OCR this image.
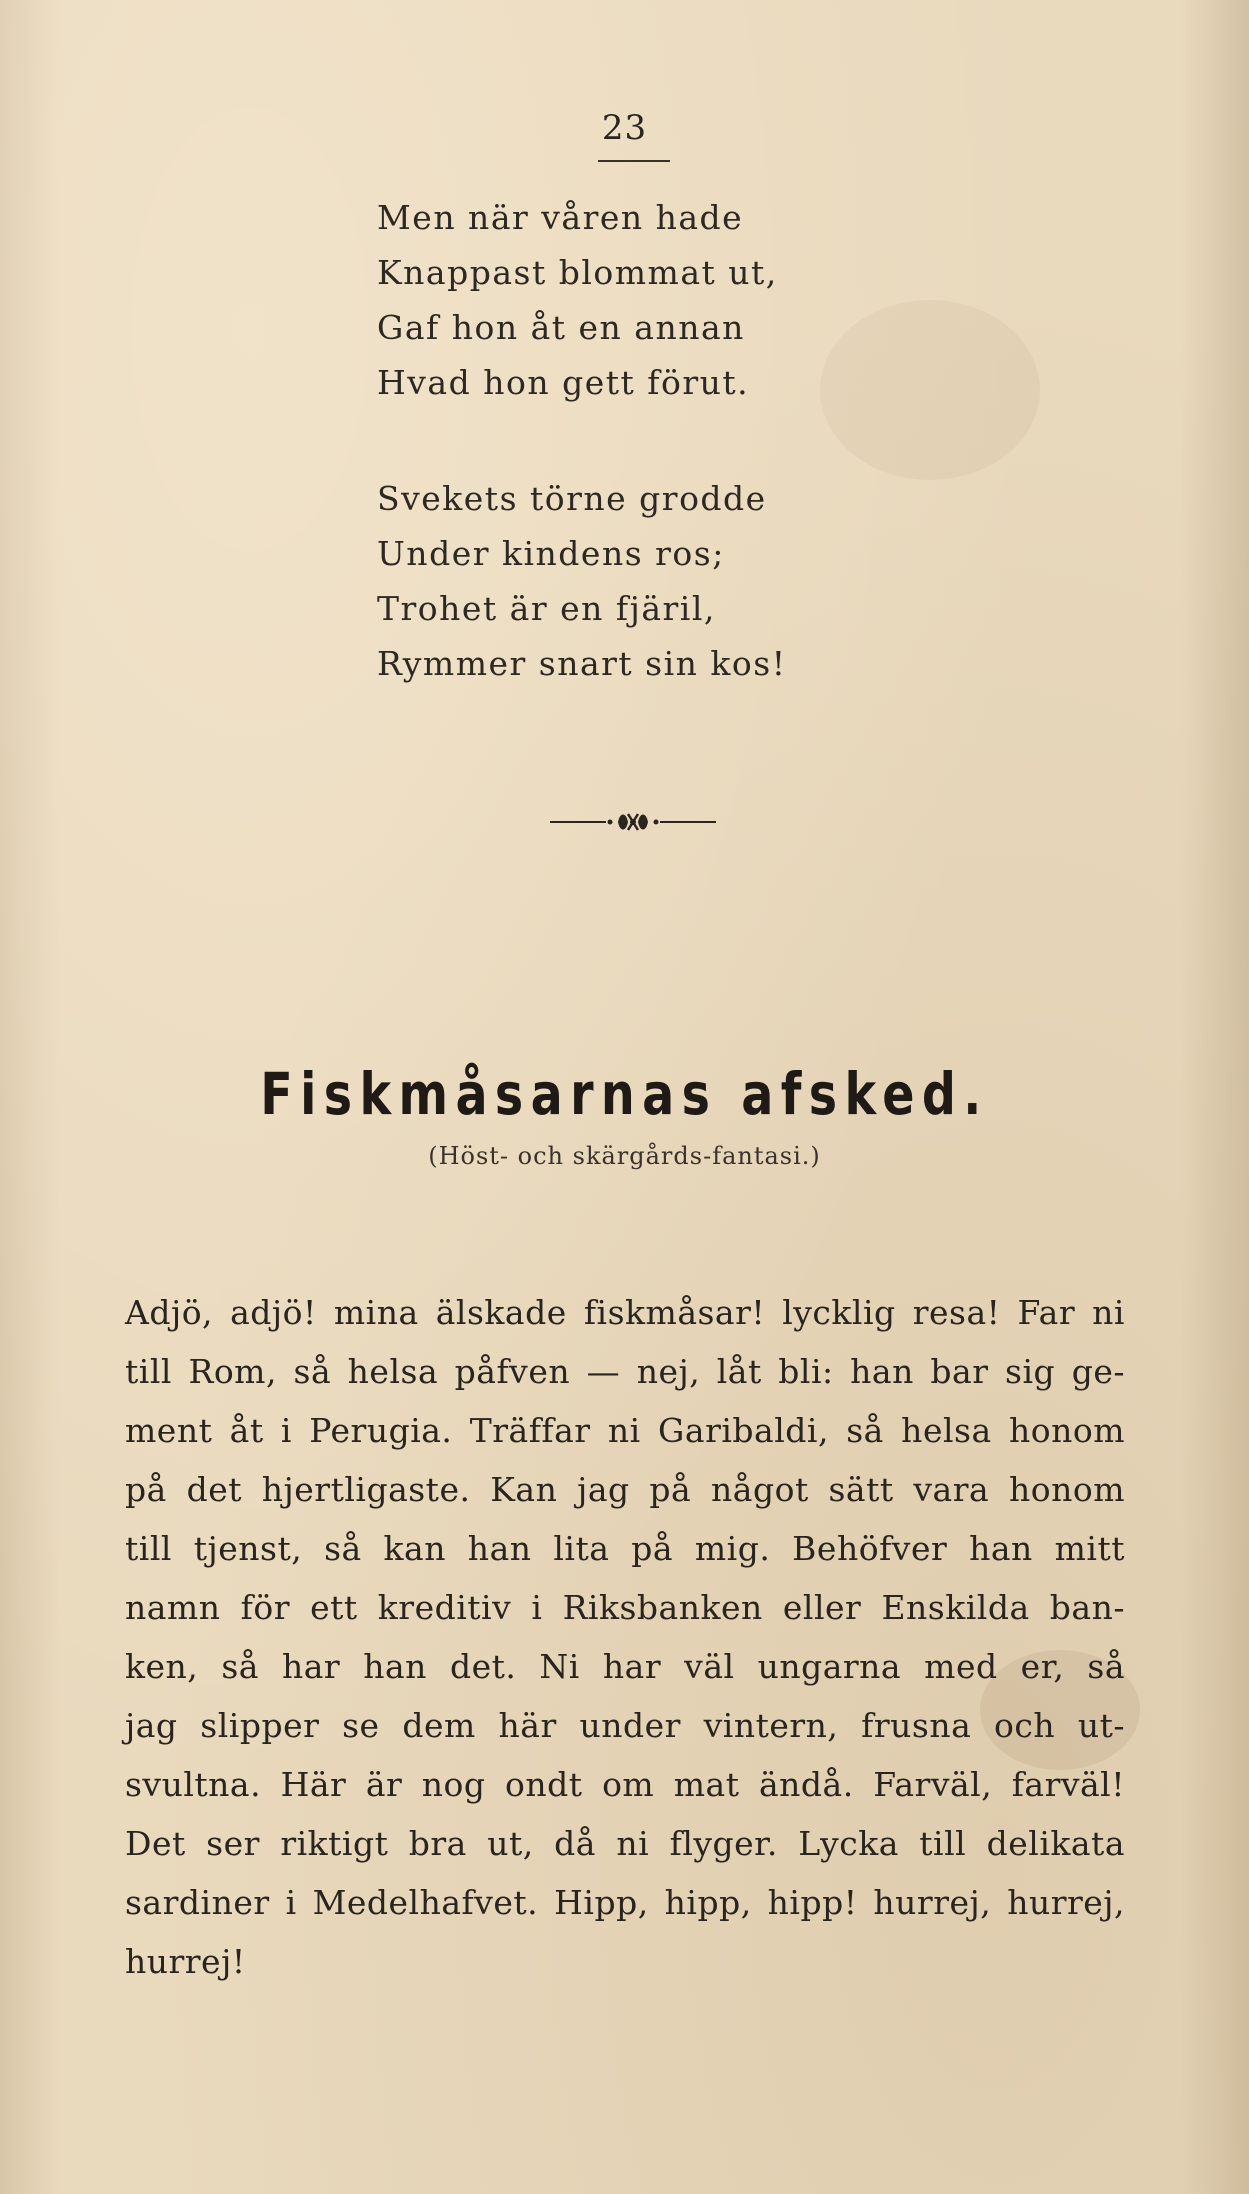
23
Men när våren hade
Knappast blommat ut,
Gaf hon åt en annan
Hvad hon gett förut.
Svekets törne grodde
Under kindens ros;
Trohet är en fjäril,
Rymmer snart sin kos!
Fiskmåsarnas afsked.
(Höst- och skärgårds-fantasi.)
Adjö, adjö! mina älskade fiskmåsar! lycklig resa! Far ni
till Rom, så helsa påfven — nej, låt bli: han bar sig ge-
ment åt i Perugia. Träffar ni Garibaldi, så helsa honom
på det hjertligaste. Kan jag på något sätt vara honom
till tjenst, så kan han lita på mig. Behöfver han mitt
namn för ett kreditiv i Riksbanken eller Enskilda ban-
ken, så har han det. Ni har väl ungarna med er, så
jag slipper se dem här under vintern, frusna och ut-
svultna. Här är nog ondt om mat ändå. Farväl, farväl!
Det ser riktigt bra ut, då ni flyger. Lycka till delikata
sardiner i Medelhafvet. Hipp, hipp, hipp! hurrej, hurrej,
hurrej!
